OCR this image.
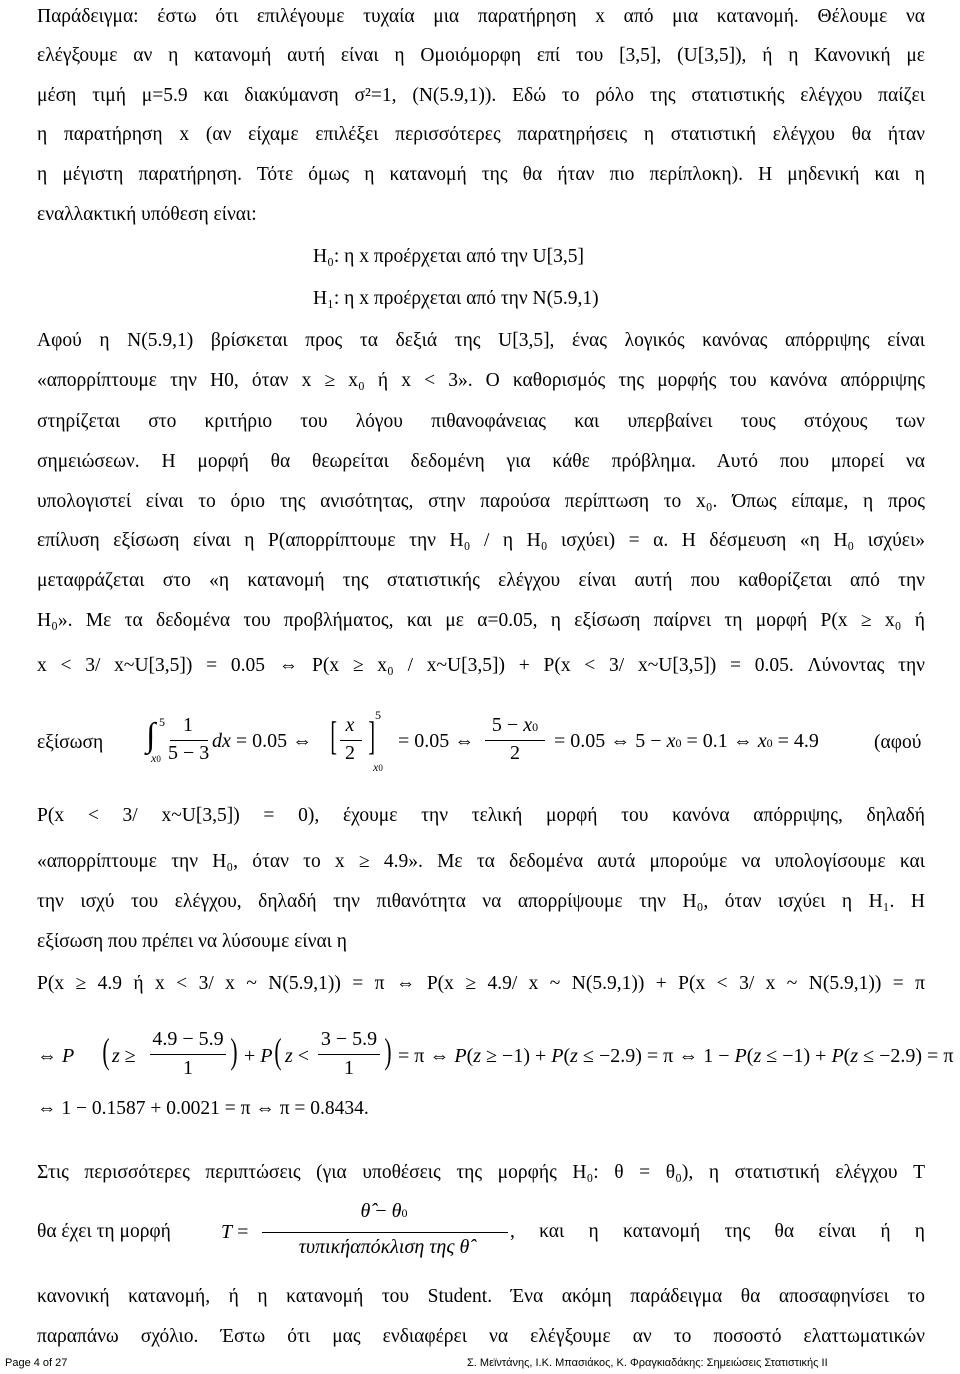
Παράδειγμα: έστω ότι επιλέγουμε τυχαία μια παρατήρηση x από μια κατανομή. Θέλουμε να
ελέγξουμε αν η κατανομή αυτή είναι η Ομοιόμορφη επί του [3,5], (U[3,5]), ή η Κανονική με
μέση τιμή μ=5.9 και διακύμανση σ²=1, (N(5.9,1)). Εδώ το ρόλο της στατιστικής ελέγχου παίζει
η παρατήρηση x (αν είχαμε επιλέξει περισσότερες παρατηρήσεις η στατιστική ελέγχου θα ήταν
η μέγιστη παρατήρηση. Τότε όμως η κατανομή της θα ήταν πιο περίπλοκη). Η μηδενική και η
εναλλακτική υπόθεση είναι:
H₀: η x προέρχεται από την U[3,5]
H₁: η x προέρχεται από την N(5.9,1)
Αφού η N(5.9,1) βρίσκεται προς τα δεξιά της U[3,5], ένας λογικός κανόνας απόρριψης είναι
«απορρίπτουμε την H0, όταν x ≥ x₀ ή x < 3». Ο καθορισμός της μορφής του κανόνα απόρριψης
στηρίζεται στο κριτήριο του λόγου πιθανοφάνειας και υπερβαίνει τους στόχους των
σημειώσεων. Η μορφή θα θεωρείται δεδομένη για κάθε πρόβλημα. Αυτό που μπορεί να
υπολογιστεί είναι το όριο της ανισότητας, στην παρούσα περίπτωση το x₀. Όπως είπαμε, η προς
επίλυση εξίσωση είναι η P(απορρίπτουμε την H₀ / η H₀ ισχύει) = α. Η δέσμευση «η H₀ ισχύει»
μεταφράζεται στο «η κατανομή της στατιστικής ελέγχου είναι αυτή που καθορίζεται από την
H₀». Με τα δεδομένα του προβλήματος, και με α=0.05, η εξίσωση παίρνει τη μορφή P(x ≥ x₀ ή
x < 3/ x~U[3,5]) = 0.05 ⇔ P(x ≥ x₀ / x~U[3,5]) + P(x < 3/ x~U[3,5]) = 0.05. Λύνοντας την
εξίσωση ∫ 5
x0
1
5 − 3
dx = 0.05 ⇔ [ x
2 ] 5
x0
= 0.05 ⇔
5 − x0
2
= 0.05 ⇔ 5 − x0 = 0.1 ⇔ x0 = 4.9	(αφού
P(x < 3/ x~U[3,5]) = 0), έχουμε την τελική μορφή του κανόνα απόρριψης, δηλαδή
«απορρίπτουμε την H₀, όταν το x ≥ 4.9». Με τα δεδομένα αυτά μπορούμε να υπολογίσουμε και
την ισχύ του ελέγχου, δηλαδή την πιθανότητα να απορρίψουμε την H₀, όταν ισχύει η H₁. Η
εξίσωση που πρέπει να λύσουμε είναι η
P(x ≥ 4.9 ή x < 3/ x ~ N(5.9,1)) = π ⇔ P(x ≥ 4.9/ x ~ N(5.9,1)) + P(x < 3/ x ~ N(5.9,1)) = π
⇔ P ( z ≥
4.9 − 5.9
1	) + P ( z <
3 − 5.9
1 ) = π ⇔ P(z ≥ −1) + P(z ≤ −2.9) = π ⇔ 1 − P(z ≤ −1) + P(z ≤ −2.9) = π
⇔ 1 − 0.1587 + 0.0021 = π ⇔ π = 0.8434.
Στις περισσότερες περιπτώσεις (για υποθέσεις της μορφής H₀: θ = θ₀), η στατιστική ελέγχου T
θα έχει τη μορφή	T =
θ̂ − θ0
τυπικήαπόκλιση της θ̂
, και η κατανομή της θα είναι ή η
κανονική κατανομή, ή η κατανομή του Student. Ένα ακόμη παράδειγμα θα αποσαφηνίσει το
παραπάνω σχόλιο. Έστω ότι μας ενδιαφέρει να ελέγξουμε αν το ποσοστό ελαττωματικών
Page 4 of 27	Σ. Μεϊντάνης, Ι.Κ. Μπασιάκος, Κ. Φραγκιαδάκης: Σημειώσεις Στατιστικής ΙΙ
